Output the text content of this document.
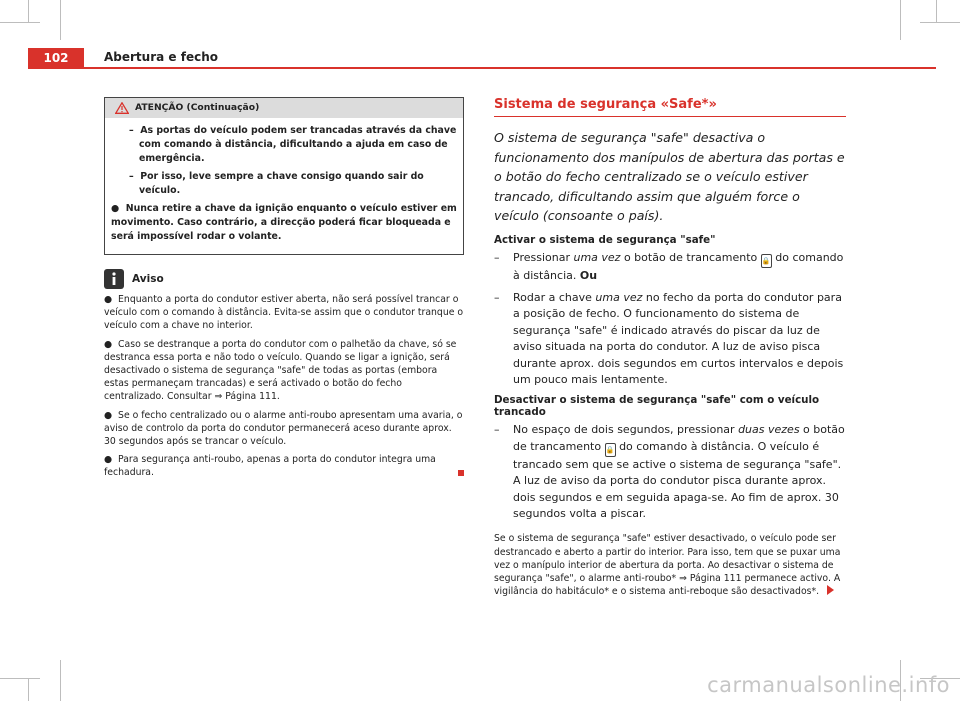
102	Abertura e fecho
ATENÇÃO (Continuação)

– As portas do veículo podem ser trancadas através da chave com comando à distância, dificultando a ajuda em caso de emergência.

– Por isso, leve sempre a chave consigo quando sair do veículo.

● Nunca retire a chave da ignição enquanto o veículo estiver em movimento. Caso contrário, a direcção poderá ficar bloqueada e será impossível rodar o volante.

Aviso

● Enquanto a porta do condutor estiver aberta, não será possível trancar o veículo com o comando à distância. Evita-se assim que o condutor tranque o veículo com a chave no interior.

● Caso se destranque a porta do condutor com o palhetão da chave, só se destranca essa porta e não todo o veículo. Quando se ligar a ignição, será desactivado o sistema de segurança "safe" de todas as portas (embora estas permaneçam trancadas) e será activado o botão do fecho centralizado. Consultar ⇒ Página 111.

● Se o fecho centralizado ou o alarme anti-roubo apresentam uma avaria, o aviso de controlo da porta do condutor permanecerá aceso durante aprox. 30 segundos após se trancar o veículo.

● Para segurança anti-roubo, apenas a porta do condutor integra uma fechadura.

Sistema de segurança «Safe*»

O sistema de segurança "safe" desactiva o funcionamento dos manípulos de abertura das portas e o botão do fecho centralizado se o veículo estiver trancado, dificultando assim que alguém force o veículo (consoante o país).

Activar o sistema de segurança "safe"
– Pressionar uma vez o botão de trancamento 🔒 do comando à distância. Ou
– Rodar a chave uma vez no fecho da porta do condutor para a posição de fecho. O funcionamento do sistema de segurança "safe" é indicado através do piscar da luz de aviso situada na porta do condutor. A luz de aviso pisca durante aprox. dois segundos em curtos intervalos e depois um pouco mais lentamente.
Desactivar o sistema de segurança "safe" com o veículo trancado
– No espaço de dois segundos, pressionar duas vezes o botão de trancamento 🔒 do comando à distância. O veículo é trancado sem que se active o sistema de segurança "safe". A luz de aviso da porta do condutor pisca durante aprox. dois segundos e em seguida apaga-se. Ao fim de aprox. 30 segundos volta a piscar.

Se o sistema de segurança "safe" estiver desactivado, o veículo pode ser destrancado e aberto a partir do interior. Para isso, tem que se puxar uma vez o manípulo interior de abertura da porta. Ao desactivar o sistema de segurança "safe", o alarme anti-roubo* ⇒ Página 111 permanece activo. A vigilância do habitáculo* e o sistema anti-reboque são desactivados*.

carmanualsonline.info
